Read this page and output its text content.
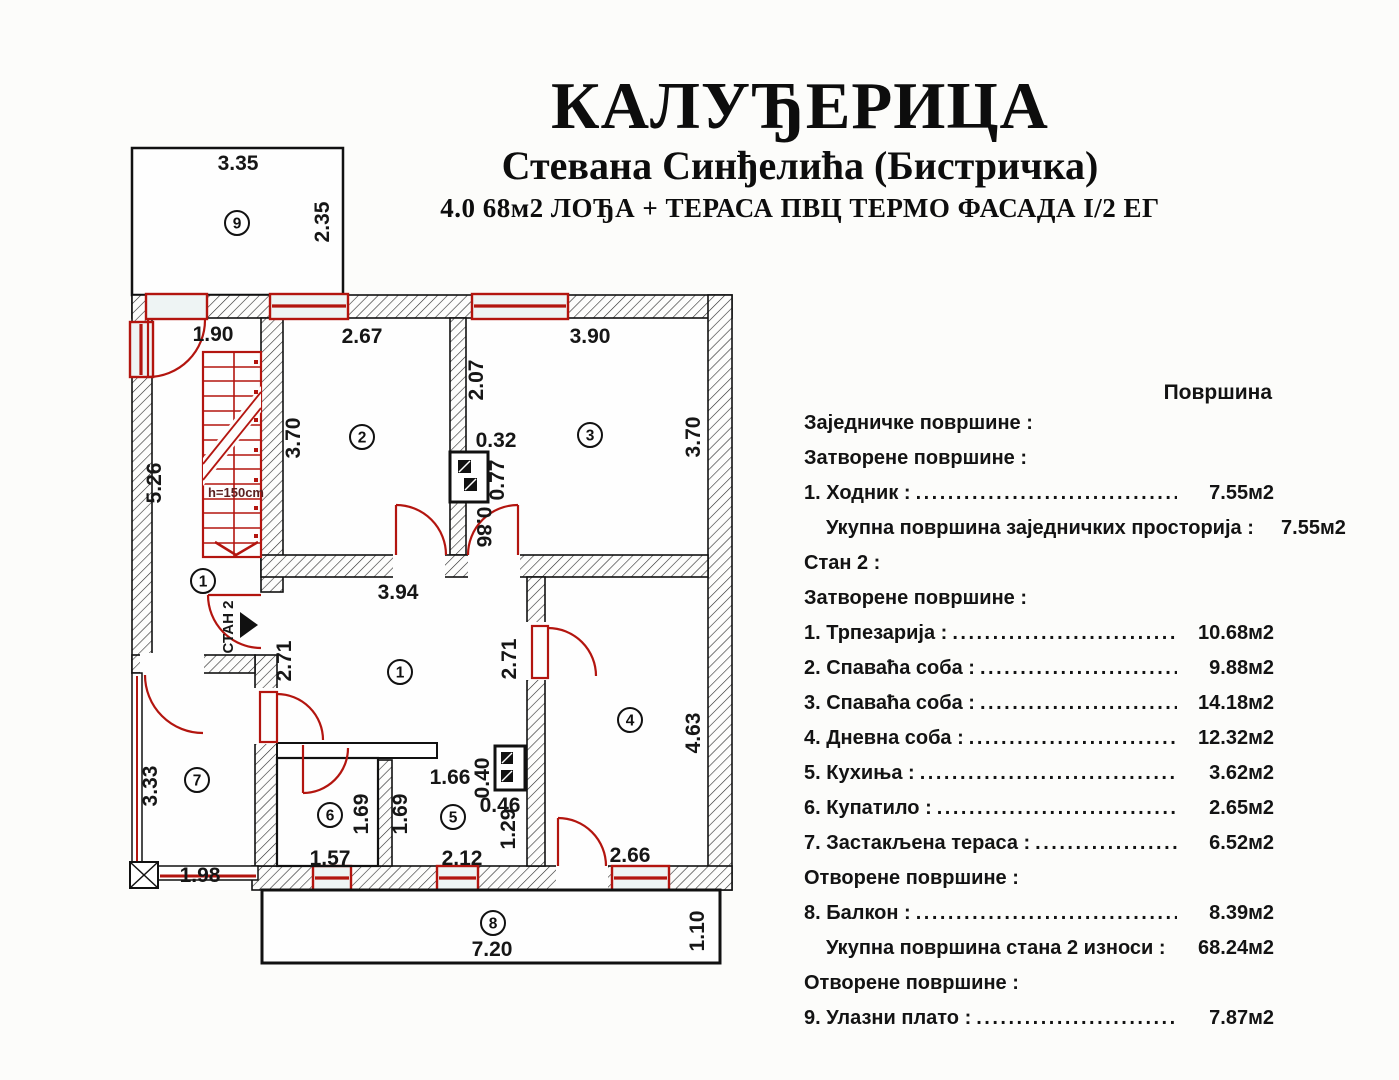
КАЛУЂЕРИЦА
Стевана Синђелића (Бистричка)
4.0 68м2 ЛОЂА + ТЕРАСА ПВЦ ТЕРМО ФАСАДА I/2 ЕГ
3.35
2.35
1.90	2.67	3.90
5.26
3.70
2.07
0.32
0.77
3.70
0.86
3.94
2.71	2.71
4.63
1.66 0.40
0.46
1.29
1.69 1.69
1.57	2.12	2.66
3.33
1.98
7.20	1.10
h=150cm
СТАН 2
9
1
2	3
1
4
6	5
7
8
Површина
Заједничке површине :
Затворене површине :
1. Ходник : .....	7.55м2
Укупна површина заједничких просторија :	7.55м2
Стан 2 :
Затворене површине :
1. Трпезарија : .....	10.68м2
2. Спаваћа соба : .....	9.88м2
3. Спаваћа соба : .....	14.18м2
4. Дневна соба : .....	12.32м2
5. Кухиња : .....	3.62м2
6. Купатило : .....	2.65м2
7. Застакљена тераса : .....	6.52м2
Отворене површине :
8. Балкон : .....	8.39м2
Укупна површина стана 2 износи :	68.24м2
Отворене површине :
9. Улазни плато : .....	7.87м2
